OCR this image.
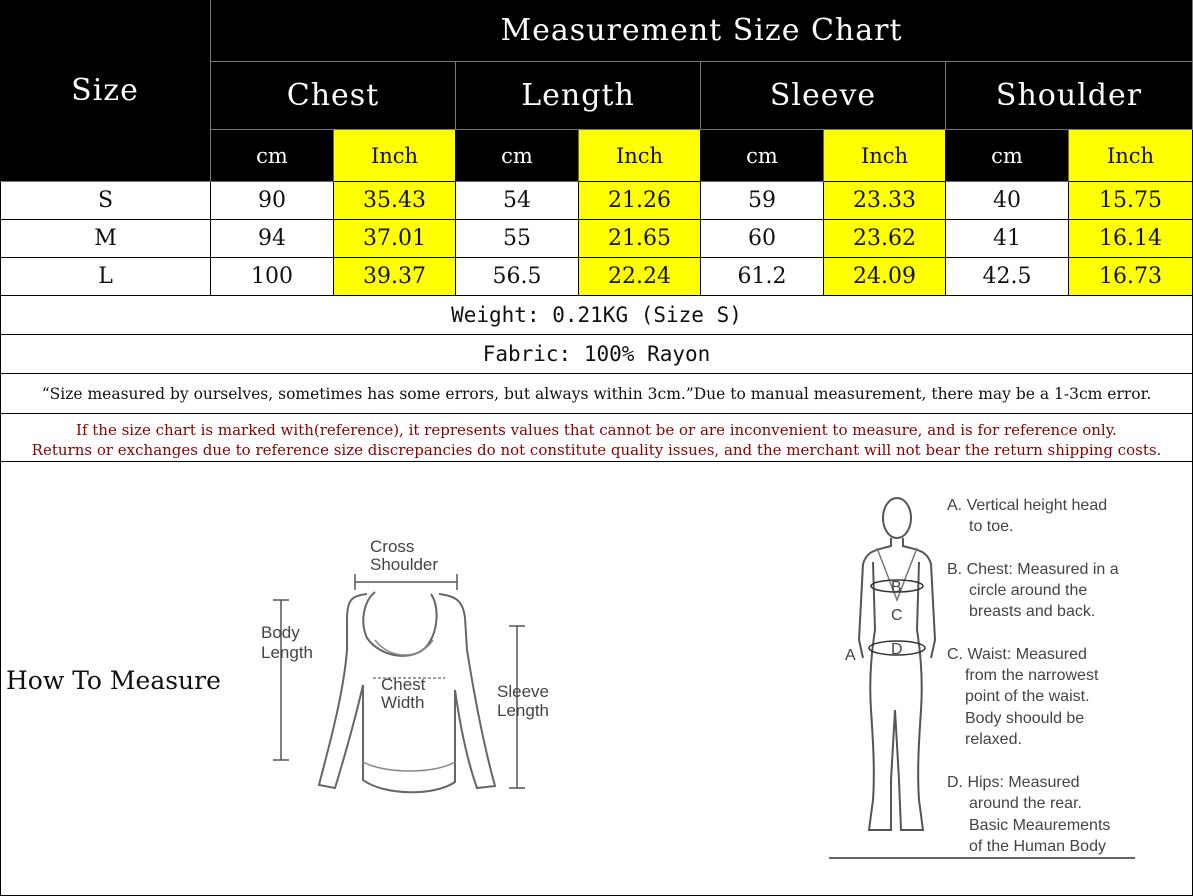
Size
Measurement Size Chart
Chest	Length	Sleeve	Shoulder
cm	Inch	cm	Inch	cm	Inch	cm	Inch
S	90	35.43	54	21.26	59	23.33	40	15.75
M	94	37.01	55	21.65	60	23.62	41	16.14
L	100	39.37	56.5	22.24	61.2	24.09	42.5	16.73
Weight: 0.21KG (Size S)
Fabric: 100% Rayon
“Size measured by ourselves, sometimes has some errors, but always within 3cm.”Due to manual measurement, there may be a 1-3cm error.
If the size chart is marked with(reference), it represents values that cannot be or are inconvenient to measure, and is for reference only.
Returns or exchanges due to reference size discrepancies do not constitute quality issues, and the merchant will not bear the return shipping costs.
How To Measure
Cross
Shoulder
Body
Length
Chest
Width
Sleeve
Length
B
C
D
A
A. Vertical height head
to toe.
B. Chest: Measured in a
circle around the
breasts and back.
C. Waist: Measured
from the narrowest
point of the waist.
Body shoould be
relaxed.
D. Hips: Measured
around the rear.
Basic Meaurements
of the Human Body
